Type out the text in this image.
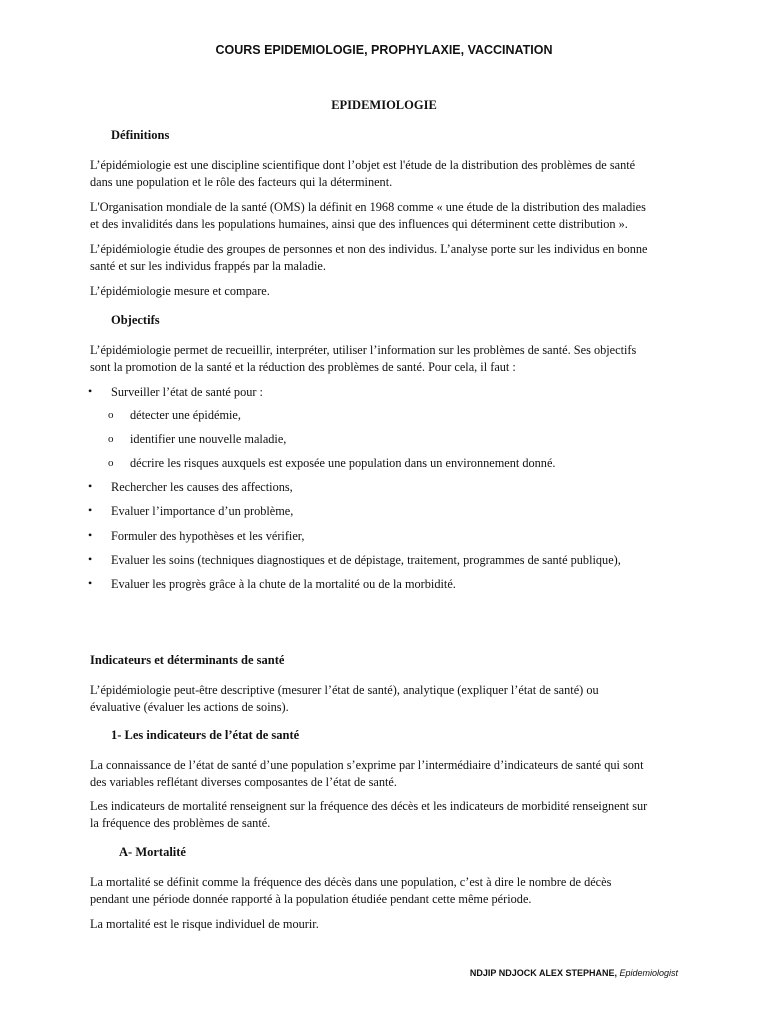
COURS EPIDEMIOLOGIE, PROPHYLAXIE, VACCINATION
EPIDEMIOLOGIE
Définitions
L’épidémiologie est une discipline scientifique dont l’objet est l'étude de la distribution des problèmes de santé
dans une population et le rôle des facteurs qui la déterminent.
L'Organisation mondiale de la santé (OMS) la définit en 1968 comme « une étude de la distribution des maladies
et des invalidités dans les populations humaines, ainsi que des influences qui déterminent cette distribution ».
L’épidémiologie étudie des groupes de personnes et non des individus. L’analyse porte sur les individus en bonne
santé et sur les individus frappés par la maladie.
L’épidémiologie mesure et compare.
Objectifs
L’épidémiologie permet de recueillir, interpréter, utiliser l’information sur les problèmes de santé. Ses objectifs
sont la promotion de la santé et la réduction des problèmes de santé. Pour cela, il faut :
• Surveiller l’état de santé pour :
o détecter une épidémie,
o identifier une nouvelle maladie,
o décrire les risques auxquels est exposée une population dans un environnement donné.
• Rechercher les causes des affections,
• Evaluer l’importance d’un problème,
• Formuler des hypothèses et les vérifier,
• Evaluer les soins (techniques diagnostiques et de dépistage, traitement, programmes de santé publique),
• Evaluer les progrès grâce à la chute de la mortalité ou de la morbidité.
Indicateurs et déterminants de santé
L’épidémiologie peut-être descriptive (mesurer l’état de santé), analytique (expliquer l’état de santé) ou
évaluative (évaluer les actions de soins).
1- Les indicateurs de l’état de santé
La connaissance de l’état de santé d’une population s’exprime par l’intermédiaire d’indicateurs de santé qui sont
des variables reflétant diverses composantes de l’état de santé.
Les indicateurs de mortalité renseignent sur la fréquence des décès et les indicateurs de morbidité renseignent sur
la fréquence des problèmes de santé.
A- Mortalité
La mortalité se définit comme la fréquence des décès dans une population, c’est à dire le nombre de décès
pendant une période donnée rapporté à la population étudiée pendant cette même période.
La mortalité est le risque individuel de mourir.
NDJIP NDJOCK ALEX STEPHANE, Epidemiologist
